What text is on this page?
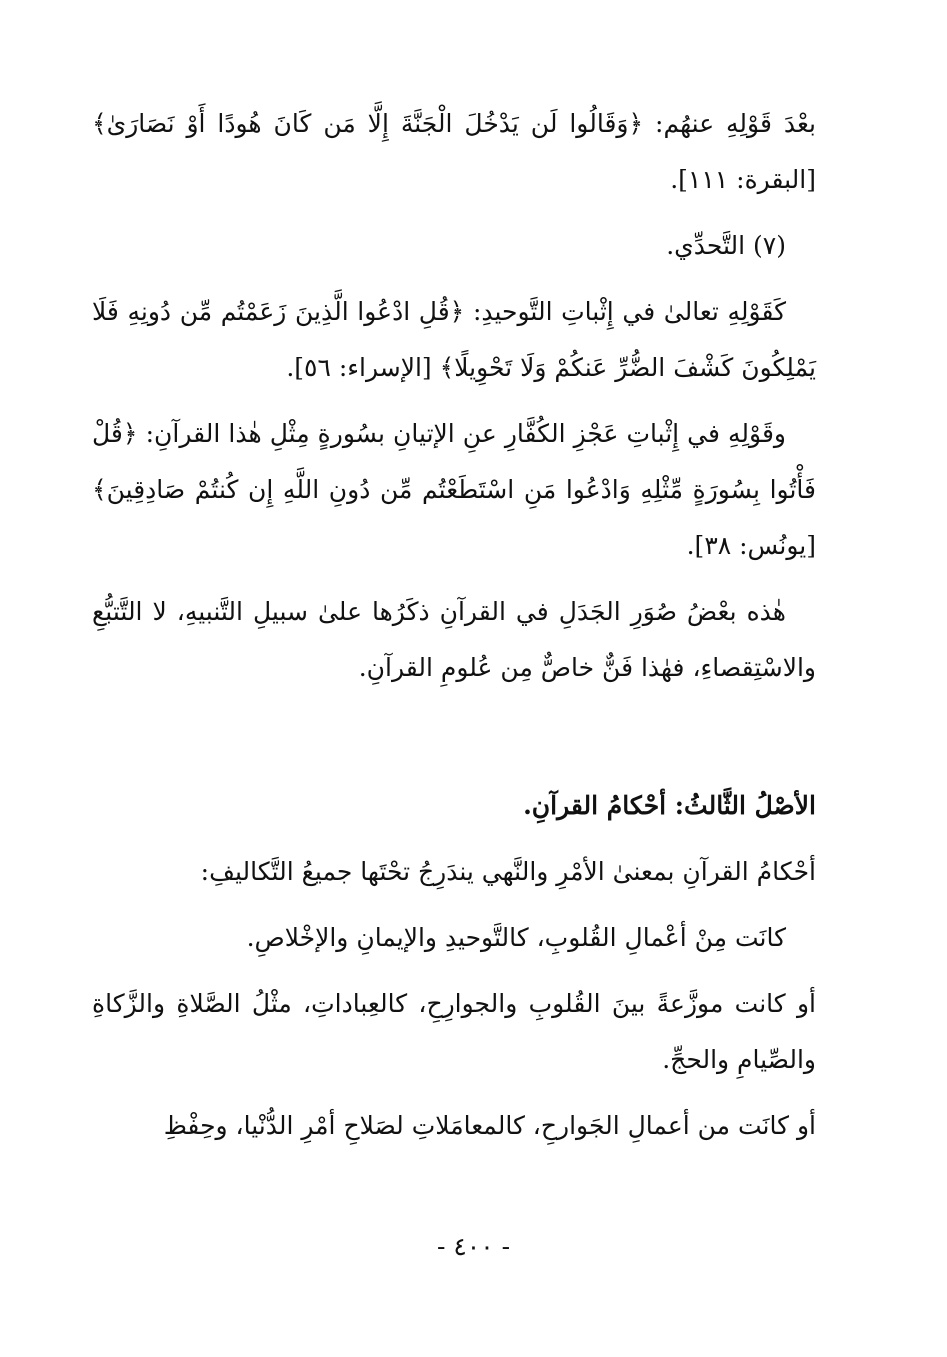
بعْدَ قَوْلِهِ عنهُم: ﴿وَقَالُوا لَن يَدْخُلَ الْجَنَّةَ إِلَّا مَن كَانَ هُودًا أَوْ نَصَارَىٰ﴾ [البقرة: ١١١].

(٧) التَّحدِّي.

كَقَوْلِهِ تعالىٰ في إِثْباتِ التَّوحيدِ: ﴿قُلِ ادْعُوا الَّذِينَ زَعَمْتُم مِّن دُونِهِ فَلَا يَمْلِكُونَ كَشْفَ الضُّرِّ عَنكُمْ وَلَا تَحْوِيلًا﴾ [الإسراء: ٥٦].

وقَوْلِهِ في إِثْباتِ عَجْزِ الكُفَّارِ عنِ الإتيانِ بسُورةٍ مِثْلِ هٰذا القرآنِ: ﴿قُلْ فَأْتُوا بِسُورَةٍ مِّثْلِهِ وَادْعُوا مَنِ اسْتَطَعْتُم مِّن دُونِ اللَّهِ إِن كُنتُمْ صَادِقِينَ﴾ [يونُس: ٣٨].

هٰذه بعْضُ صُوَرِ الجَدَلِ في القرآنِ ذكَرُها علىٰ سبيلِ التَّنبيهِ، لا التَّتبُّعِ والاسْتِقصاءِ، فهٰذا فَنٌّ خاصٌّ مِن عُلومِ القرآنِ.

الأصْلُ الثَّالثُ: أحْكامُ القرآنِ.

أحْكامُ القرآنِ بمعنىٰ الأمْرِ والنَّهي يندَرِجُ تحْتَها جميعُ التَّكاليفِ:

كانَت مِنْ أعْمالِ القُلوبِ، كالتَّوحيدِ والإيمانِ والإخْلاصِ.

أو كانت موزَّعةً بينَ القُلوبِ والجوارِحِ، كالعِباداتِ، مثْلُ الصَّلاةِ والزَّكاةِ والصِّيامِ والحجِّ.

أو كانَت من أعمالِ الجَوارحِ، كالمعامَلاتِ لصَلاحِ أمْرِ الدُّنْيا، وحِفْظِ

- ٤٠٠ -
